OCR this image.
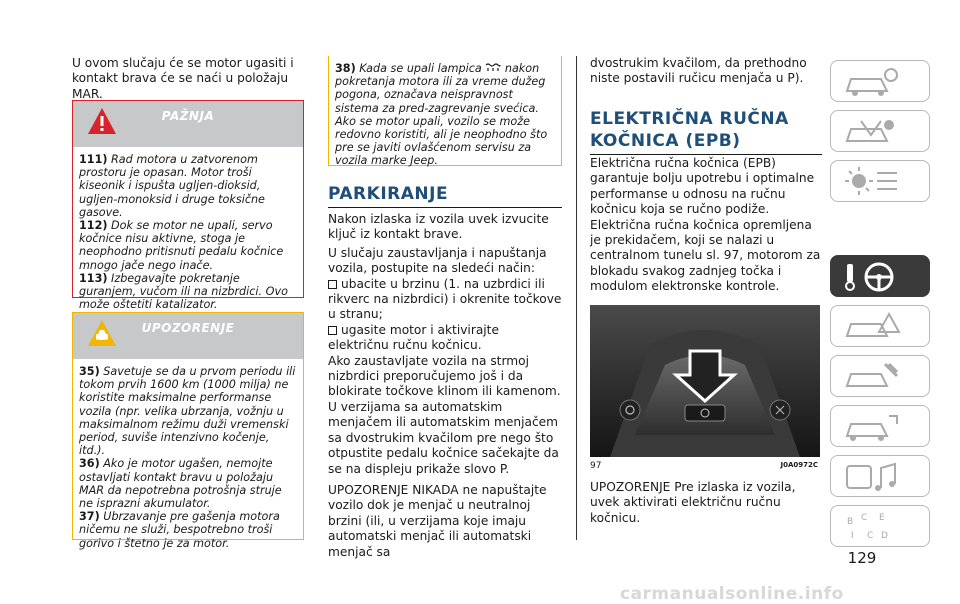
U ovom slučaju će se motor ugasiti i kontakt brava će se naći u položaju MAR.

PAŽNJA

111) Rad motora u zatvorenom prostoru je opasan. Motor troši kiseonik i ispušta ugljen-dioksid, ugljen-monoksid i druge toksične gasove.

112) Dok se motor ne upali, servo kočnice nisu aktivne, stoga je neophodno pritisnuti pedalu kočnice mnogo jače nego inače.

113) Izbegavajte pokretanje guranjem, vučom ili na nizbrdici. Ovo može oštetiti katalizator.

UPOZORENJE

35) Savetuje se da u prvom periodu ili tokom prvih 1600 km (1000 milja) ne koristite maksimalne performanse vozila (npr. velika ubrzanja, vožnju u maksimalnom režimu duži vremenski period, suviše intenzivno kočenje, itd.).

36) Ako je motor ugašen, nemojte ostavljati kontakt bravu u položaju MAR da nepotrebna potrošnja struje ne isprazni akumulator.

37) Ubrzavanje pre gašenja motora ničemu ne služi, bespotrebno troši gorivo i štetno je za motor.

38) Kada se upali lampica nakon pokretanja motora ili za vreme dužeg pogona, označava neispravnost sistema za pred-zagrevanje svećica. Ako se motor upali, vozilo se može redovno koristiti, ali je neophodno što pre se javiti ovlašćenom servisu za vozila marke Jeep.

PARKIRANJE

Nakon izlaska iz vozila uvek izvucite ključ iz kontakt brave.

U slučaju zaustavljanja i napuštanja vozila, postupite na sledeći način:

ubacite u brzinu (1. na uzbrdici ili rikverc na nizbrdici) i okrenite točkove u stranu;

ugasite motor i aktivirajte električnu ručnu kočnicu.

Ako zaustavljate vozila na strmoj nizbrdici preporučujemo još i da blokirate točkove klinom ili kamenom.

U verzijama sa automatskim menjačem ili automatskim menjačem sa dvostrukim kvačilom pre nego što otpustite pedalu kočnice sačekajte da se na displeju prikaže slovo P.

UPOZORENJE NIKADA ne napuštajte vozilo dok je menjač u neutralnoj brzini (ili, u verzijama koje imaju automatski menjač ili automatski menjač sa

dvostrukim kvačilom, da prethodno niste postavili ručicu menjača u P).

ELEKTRIČNA RUČNA
KOČNICA (EPB)

Električna ručna kočnica (EPB) garantuje bolju upotrebu i optimalne performanse u odnosu na ručnu kočnicu koja se ručno podiže.

Električna ručna kočnica opremljena je prekidačem, koji se nalazi u centralnom tunelu sl. 97, motorom za blokadu svakog zadnjeg točka i modulom elektronske kontrole.

97	J0A0972C

UPOZORENJE Pre izlaska iz vozila, uvek aktivirati električnu ručnu kočnicu.	B C E
I C D
129
carmanualsonline.info
